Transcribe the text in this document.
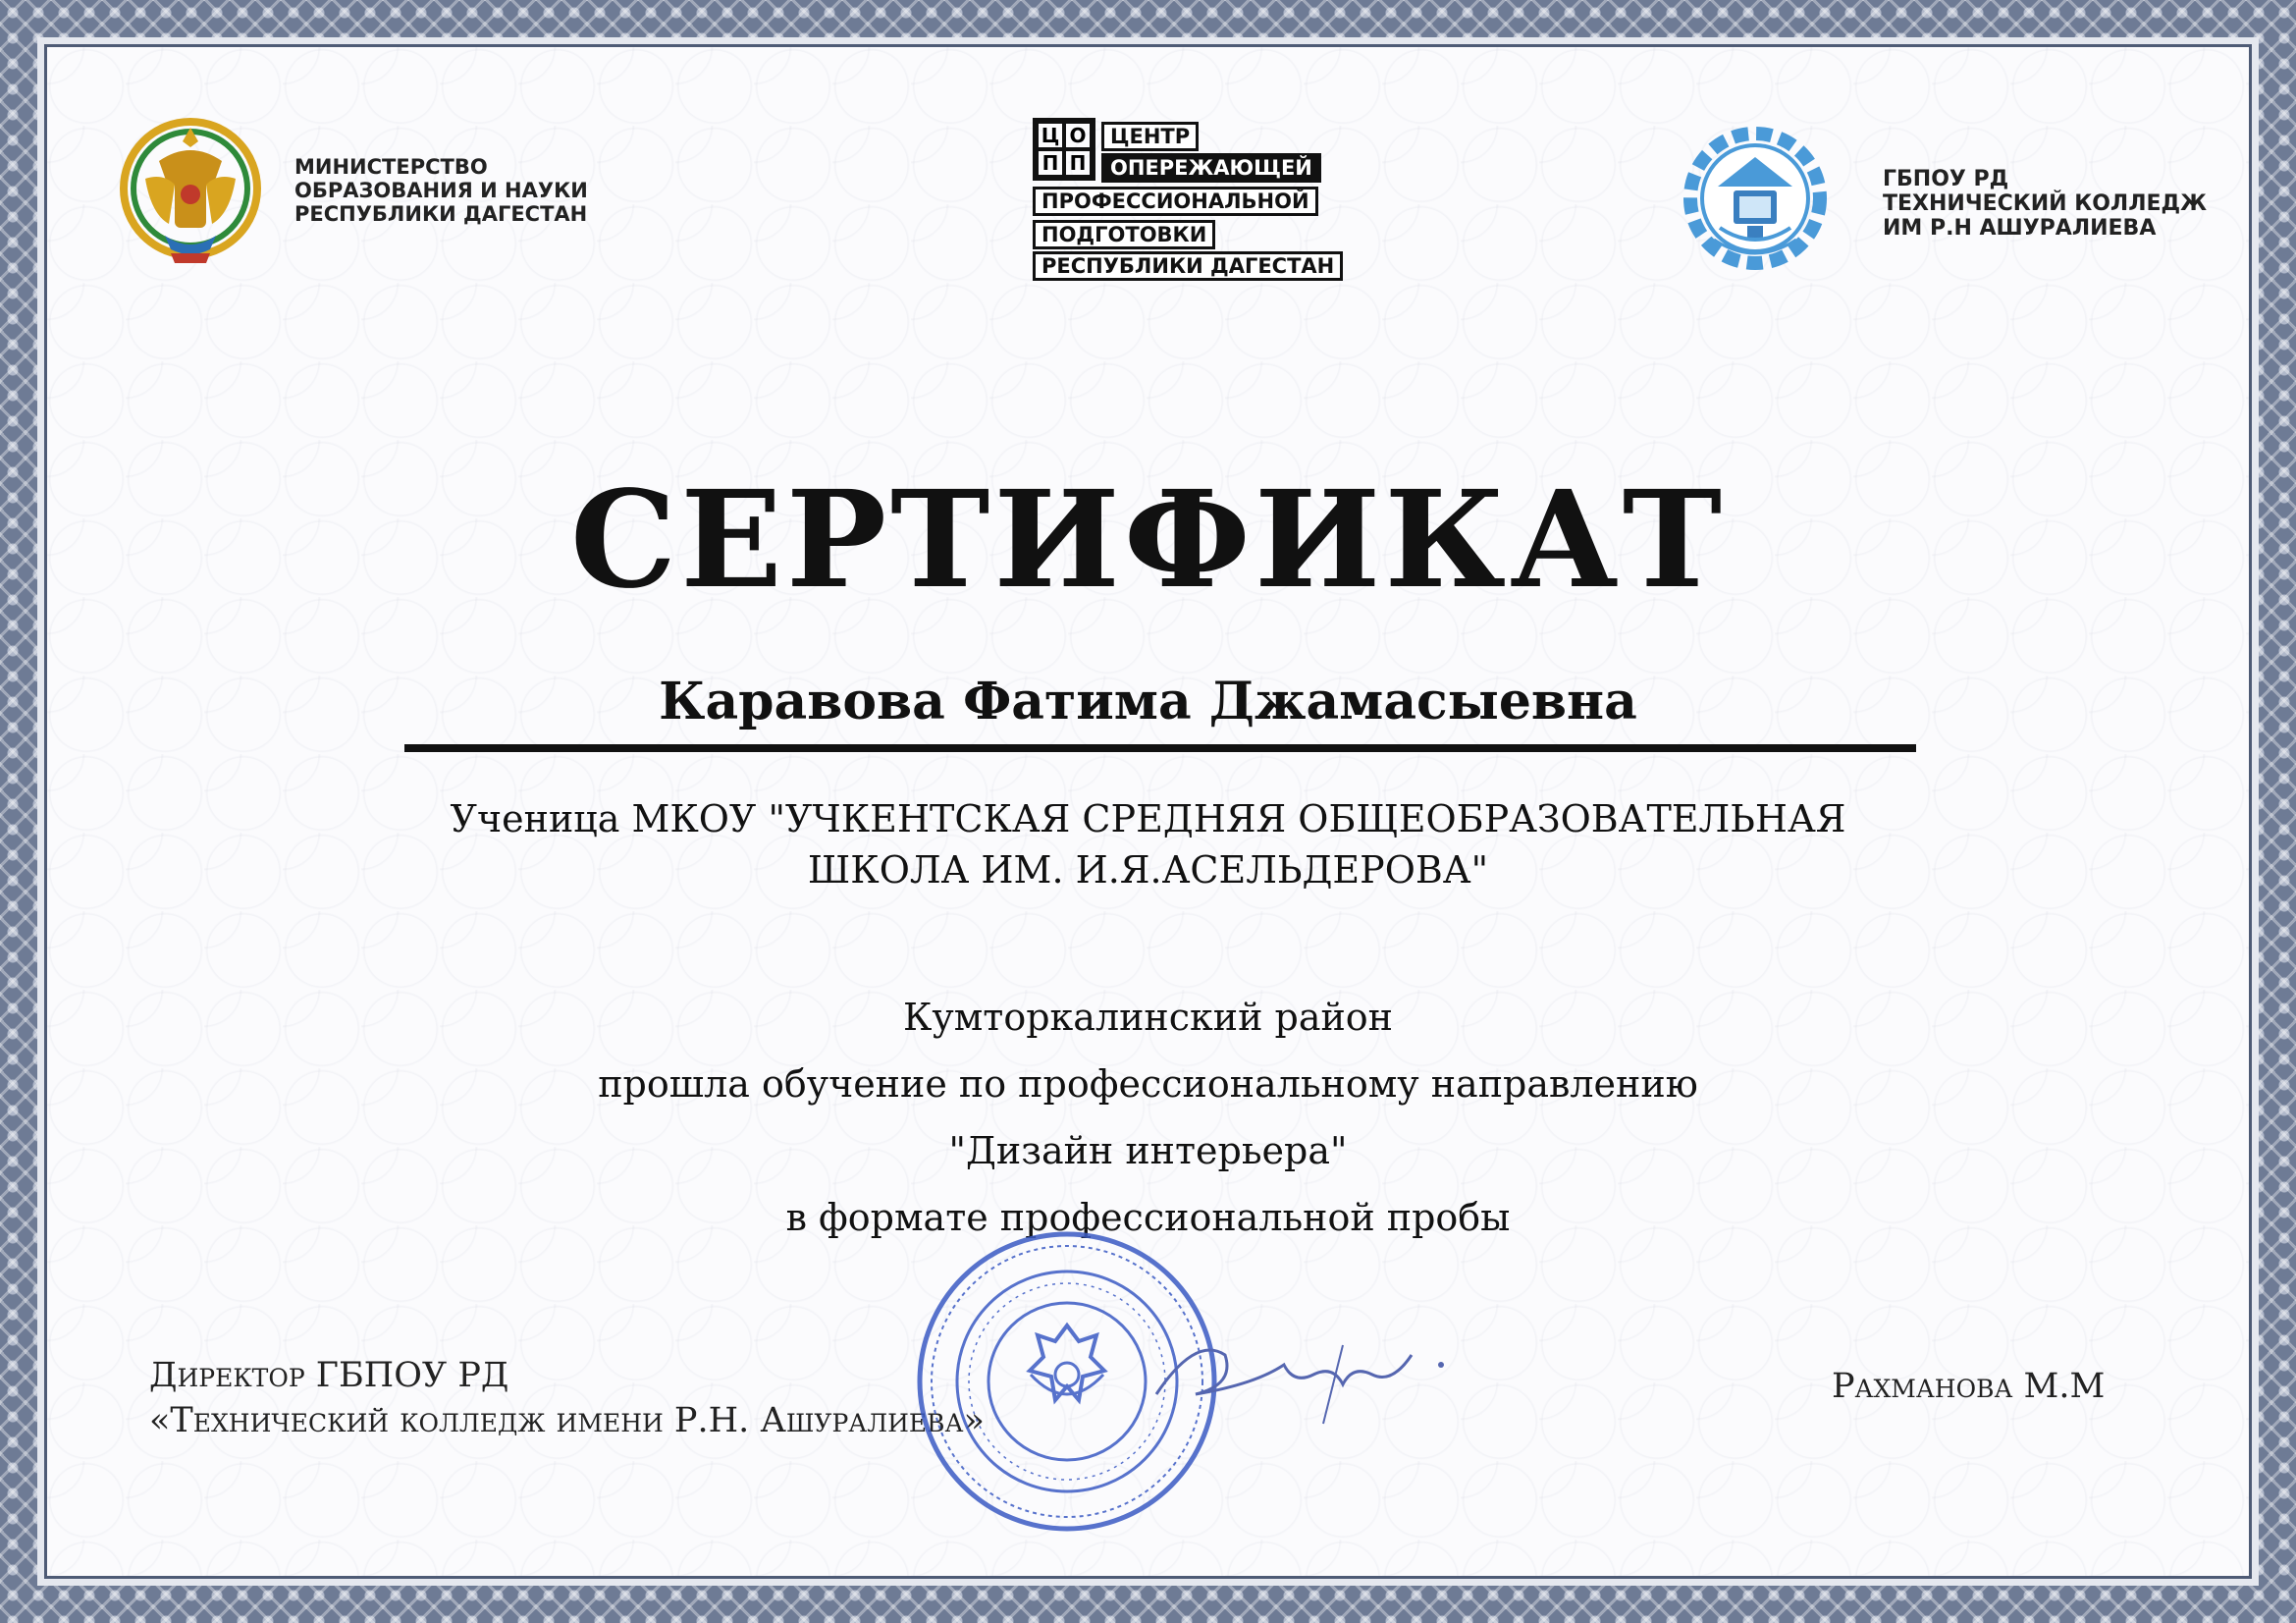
МИНИСТЕРСТВО
ОБРАЗОВАНИЯ И НАУКИ
РЕСПУБЛИКИ ДАГЕСТАН
Ц О
П П
ЦЕНТР
ОПЕРЕЖАЮЩЕЙ
ПРОФЕССИОНАЛЬНОЙ
ПОДГОТОВКИ
РЕСПУБЛИКИ ДАГЕСТАН
ГБПОУ РД
ТЕХНИЧЕСКИЙ КОЛЛЕДЖ
ИМ Р.Н АШУРАЛИЕВА
СЕРТИФИКАТ
Каравова Фатима Джамасыевна
Ученица МКОУ "УЧКЕНТСКАЯ СРЕДНЯЯ ОБЩЕОБРАЗОВАТЕЛЬНАЯ
ШКОЛА ИМ. И.Я.АСЕЛЬДЕРОВА"
Кумторкалинский район
прошла обучение по профессиональному направлению
"Дизайн интерьера"
в формате профессиональной пробы
Директор ГБПОУ РД
«Технический колледж имени Р.Н. Ашуралиева»
Рахманова М.М
